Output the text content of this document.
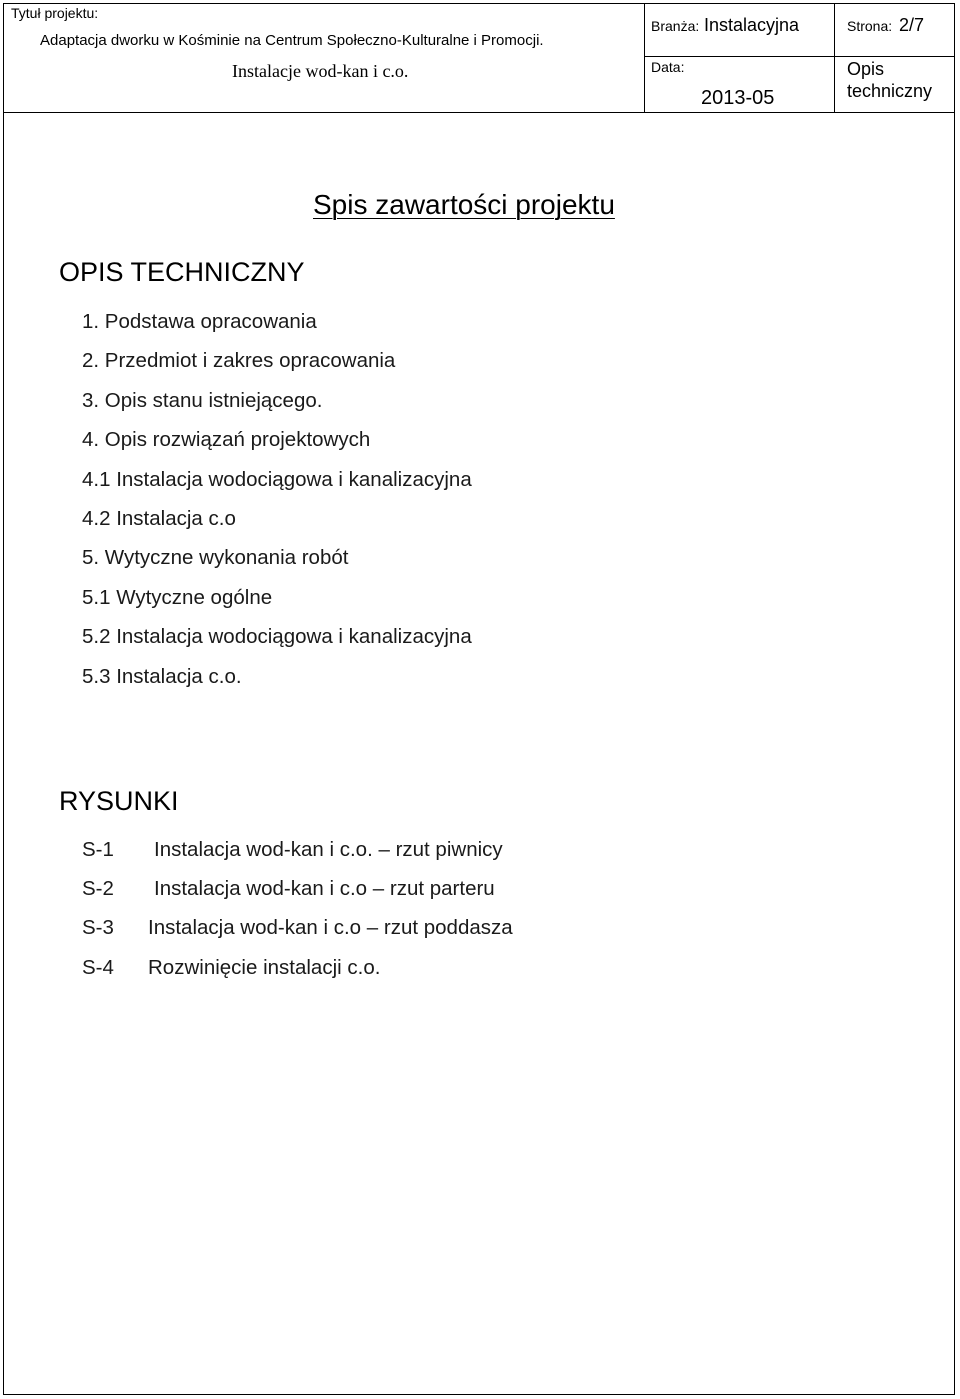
Tytuł projektu:
Adaptacja dworku w Kośminie na Centrum Społeczno-Kulturalne i Promocji.
Instalacje wod-kan i c.o.
Branża: Instalacyjna	Strona: 2/7
Data:
2013-05
Opis
techniczny
Spis zawartości projektu
OPIS TECHNICZNY
1. Podstawa opracowania
2. Przedmiot i zakres opracowania
3. Opis stanu istniejącego.
4. Opis rozwiązań projektowych
4.1 Instalacja wodociągowa i kanalizacyjna
4.2 Instalacja c.o
5. Wytyczne wykonania robót
5.1 Wytyczne ogólne
5.2 Instalacja wodociągowa i kanalizacyjna
5.3 Instalacja c.o.
RYSUNKI
S-1 Instalacja wod-kan i c.o. – rzut piwnicy
S-2 Instalacja wod-kan i c.o – rzut parteru
S-3 Instalacja wod-kan i c.o – rzut poddasza
S-4 Rozwinięcie instalacji c.o.
